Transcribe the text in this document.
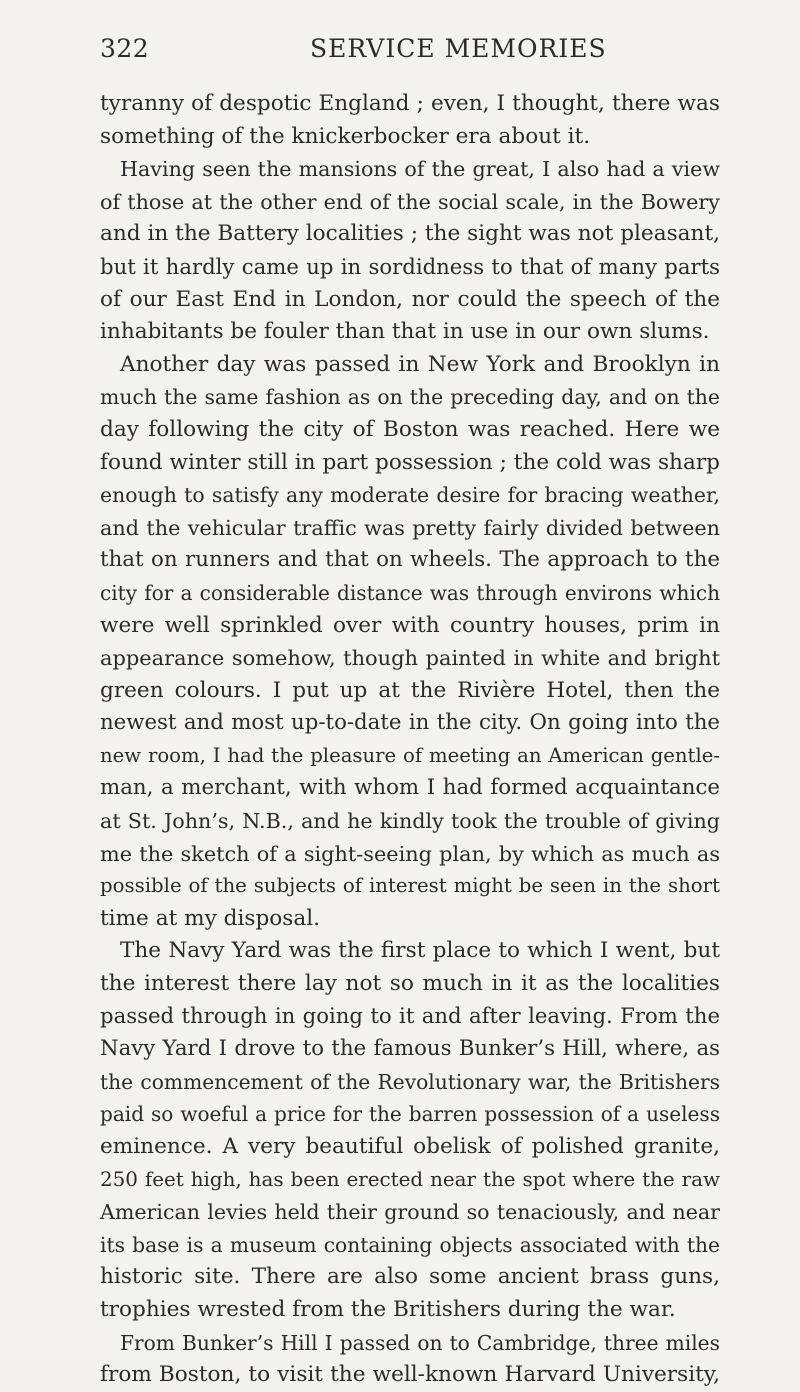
322	SERVICE MEMORIES
tyranny of despotic England ; even, I thought, there was
something of the knickerbocker era about it.
Having seen the mansions of the great, I also had a view
of those at the other end of the social scale, in the Bowery
and in the Battery localities ; the sight was not pleasant,
but it hardly came up in sordidness to that of many parts
of our East End in London, nor could the speech of the
inhabitants be fouler than that in use in our own slums.
Another day was passed in New York and Brooklyn in
much the same fashion as on the preceding day, and on the
day following the city of Boston was reached. Here we
found winter still in part possession ; the cold was sharp
enough to satisfy any moderate desire for bracing weather,
and the vehicular traffic was pretty fairly divided between
that on runners and that on wheels. The approach to the
city for a considerable distance was through environs which
were well sprinkled over with country houses, prim in
appearance somehow, though painted in white and bright
green colours. I put up at the Rivière Hotel, then the
newest and most up-to-date in the city. On going into the
new room, I had the pleasure of meeting an American gentle-
man, a merchant, with whom I had formed acquaintance
at St. John’s, N.B., and he kindly took the trouble of giving
me the sketch of a sight-seeing plan, by which as much as
possible of the subjects of interest might be seen in the short
time at my disposal.
The Navy Yard was the first place to which I went, but
the interest there lay not so much in it as the localities
passed through in going to it and after leaving. From the
Navy Yard I drove to the famous Bunker’s Hill, where, as
the commencement of the Revolutionary war, the Britishers
paid so woeful a price for the barren possession of a useless
eminence. A very beautiful obelisk of polished granite,
250 feet high, has been erected near the spot where the raw
American levies held their ground so tenaciously, and near
its base is a museum containing objects associated with the
historic site. There are also some ancient brass guns,
trophies wrested from the Britishers during the war.
From Bunker’s Hill I passed on to Cambridge, three miles
from Boston, to visit the well-known Harvard University,
